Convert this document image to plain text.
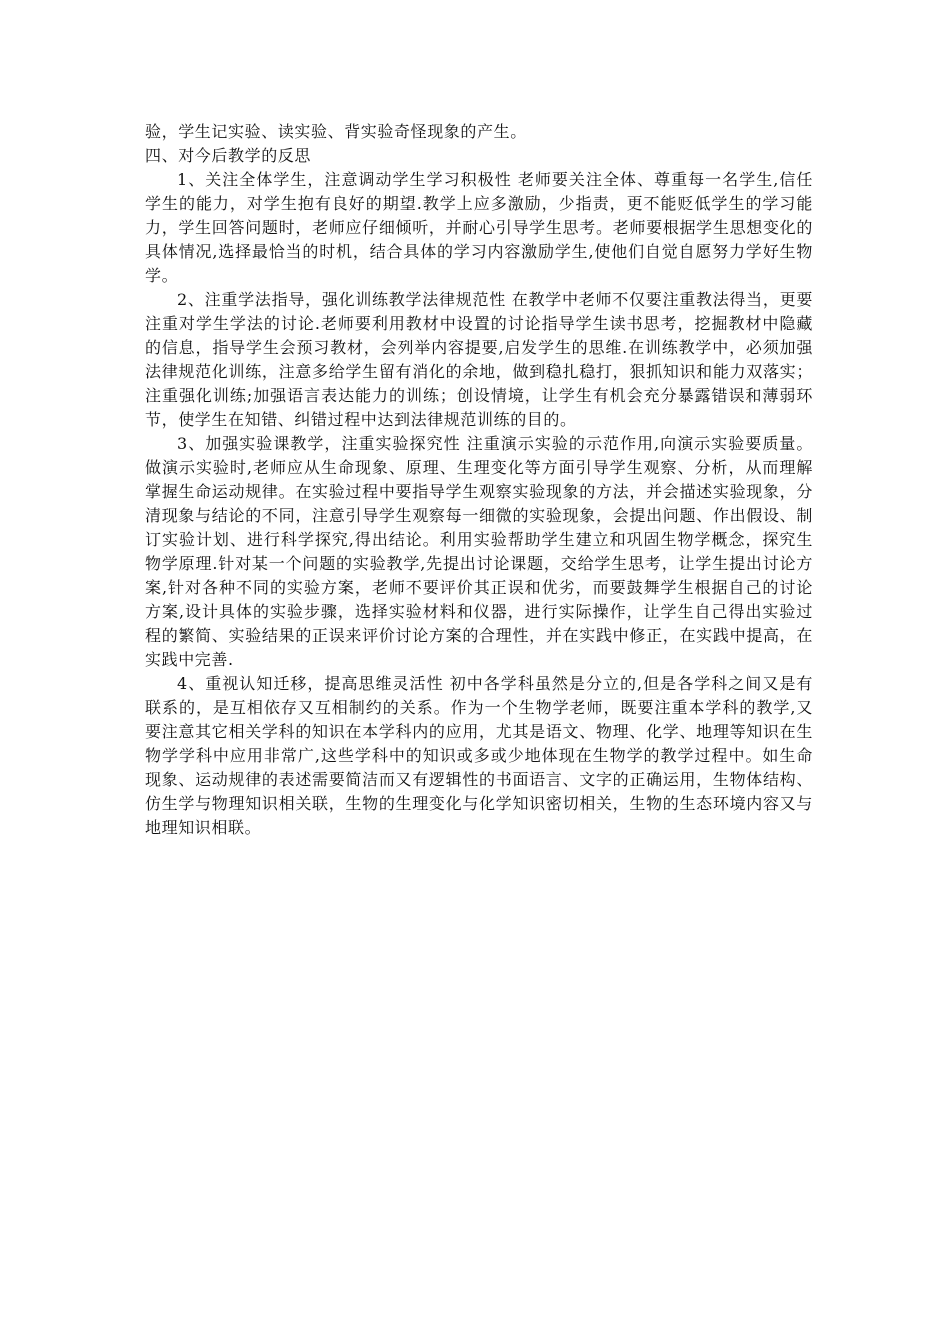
验，学生记实验、读实验、背实验奇怪现象的产生。

四、对今后教学的反思

1、关注全体学生，注意调动学生学习积极性 老师要关注全体、尊重每一名学生,信任学生的能力，对学生抱有良好的期望.教学上应多激励，少指责，更不能贬低学生的学习能力，学生回答问题时，老师应仔细倾听，并耐心引导学生思考。老师要根据学生思想变化的具体情况,选择最恰当的时机，结合具体的学习内容激励学生,使他们自觉自愿努力学好生物学。

2、注重学法指导，强化训练教学法律规范性 在教学中老师不仅要注重教法得当，更要注重对学生学法的讨论.老师要利用教材中设置的讨论指导学生读书思考，挖掘教材中隐藏的信息，指导学生会预习教材，会列举内容提要,启发学生的思维.在训练教学中，必须加强法律规范化训练，注意多给学生留有消化的余地，做到稳扎稳打，狠抓知识和能力双落实；注重强化训练;加强语言表达能力的训练；创设情境，让学生有机会充分暴露错误和薄弱环节，使学生在知错、纠错过程中达到法律规范训练的目的。

3、加强实验课教学，注重实验探究性 注重演示实验的示范作用,向演示实验要质量。做演示实验时,老师应从生命现象、原理、生理变化等方面引导学生观察、分析，从而理解掌握生命运动规律。在实验过程中要指导学生观察实验现象的方法，并会描述实验现象，分清现象与结论的不同，注意引导学生观察每一细微的实验现象，会提出问题、作出假设、制订实验计划、进行科学探究,得出结论。利用实验帮助学生建立和巩固生物学概念，探究生物学原理.针对某一个问题的实验教学,先提出讨论课题，交给学生思考，让学生提出讨论方案,针对各种不同的实验方案，老师不要评价其正误和优劣，而要鼓舞学生根据自己的讨论方案,设计具体的实验步骤，选择实验材料和仪器，进行实际操作，让学生自己得出实验过程的繁简、实验结果的正误来评价讨论方案的合理性，并在实践中修正，在实践中提高，在实践中完善.

4、重视认知迁移，提高思维灵活性 初中各学科虽然是分立的,但是各学科之间又是有联系的，是互相依存又互相制约的关系。作为一个生物学老师，既要注重本学科的教学,又要注意其它相关学科的知识在本学科内的应用，尤其是语文、物理、化学、地理等知识在生物学学科中应用非常广,这些学科中的知识或多或少地体现在生物学的教学过程中。如生命现象、运动规律的表述需要简洁而又有逻辑性的书面语言、文字的正确运用，生物体结构、仿生学与物理知识相关联，生物的生理变化与化学知识密切相关，生物的生态环境内容又与地理知识相联。
